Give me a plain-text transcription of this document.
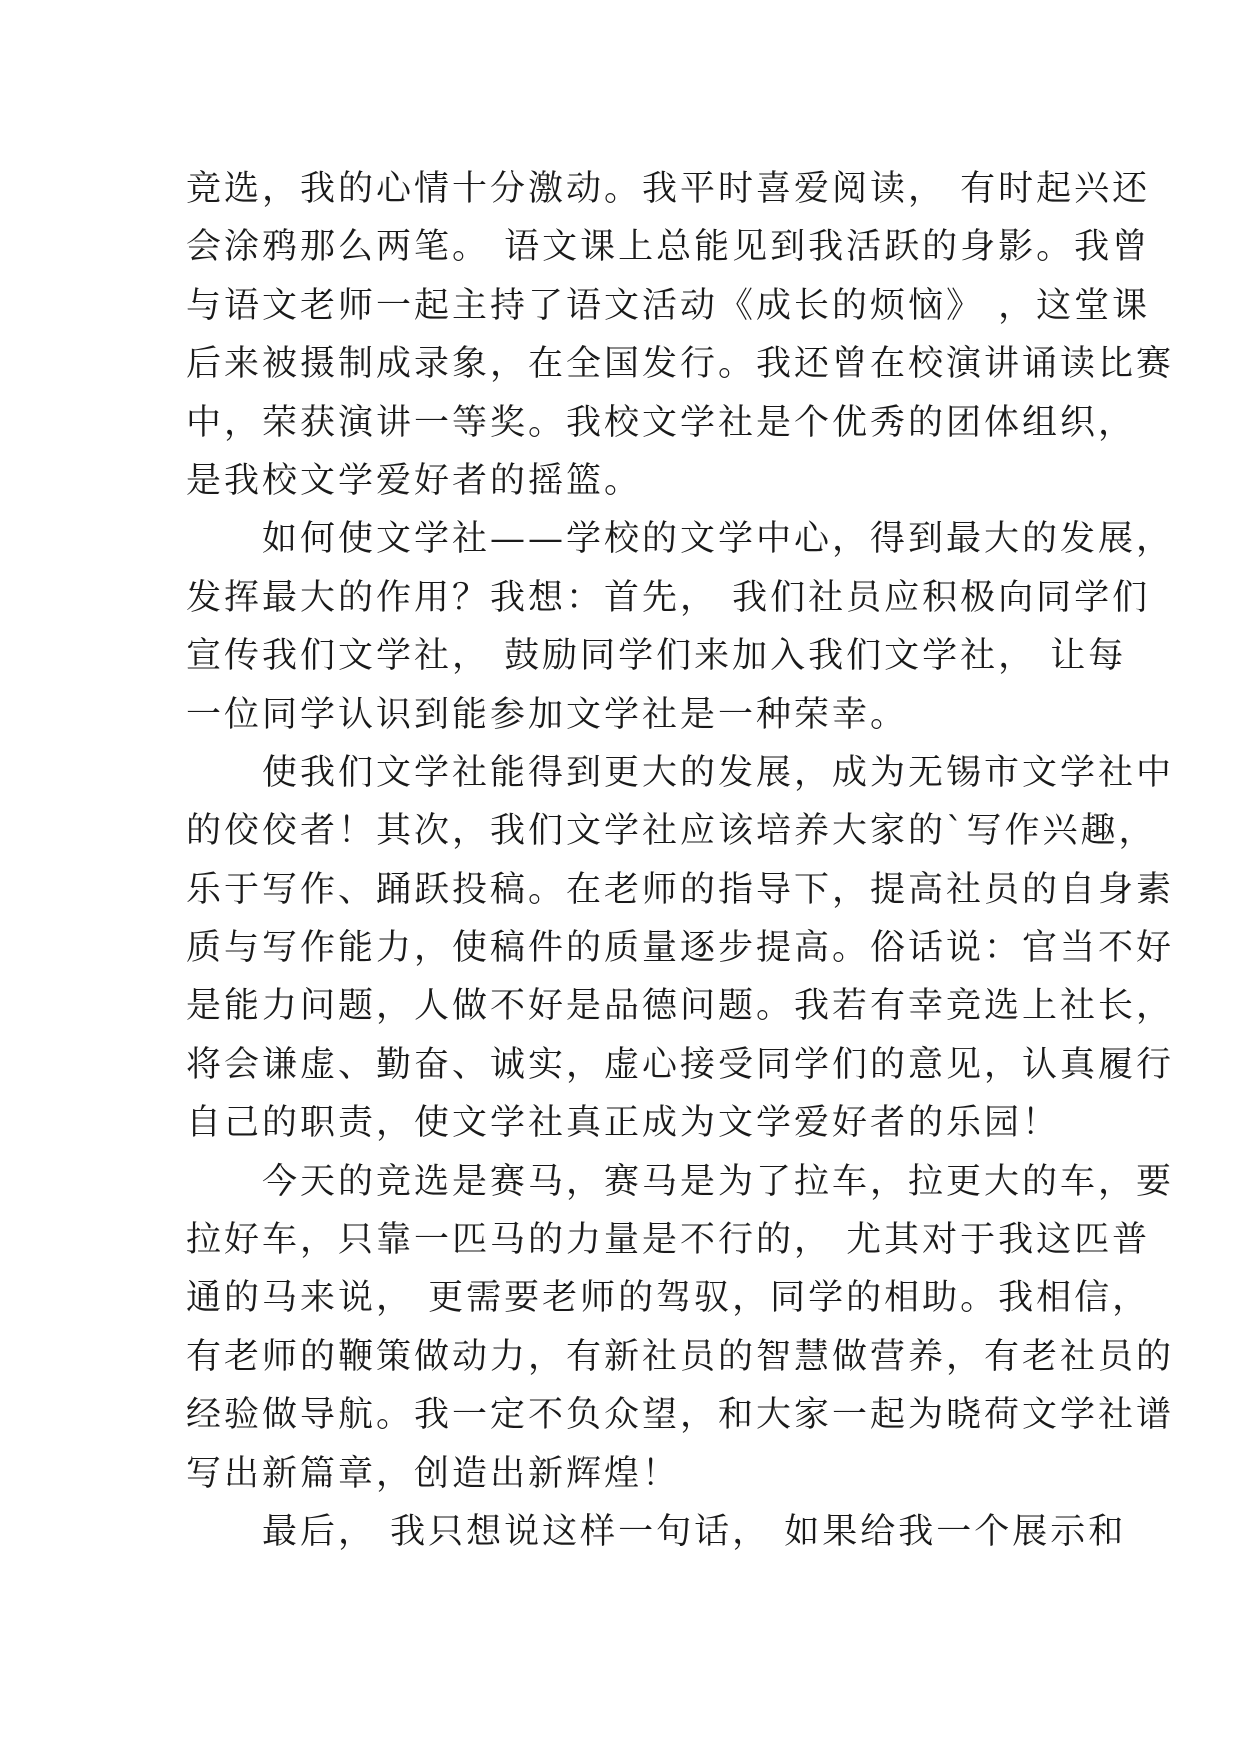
竞选，我的心情十分激动。我平时喜爱阅读， 有时起兴还
会涂鸦那么两笔。 语文课上总能见到我活跃的身影。我曾
与语文老师一起主持了语文活动《成长的烦恼》 ，这堂课
后来被摄制成录象，在全国发行。我还曾在校演讲诵读比赛
中，荣获演讲一等奖。我校文学社是个优秀的团体组织，
是我校文学爱好者的摇篮。
　　如何使文学社——学校的文学中心，得到最大的发展，
发挥最大的作用？我想：首先， 我们社员应积极向同学们
宣传我们文学社， 鼓励同学们来加入我们文学社， 让每
一位同学认识到能参加文学社是一种荣幸。
　　使我们文学社能得到更大的发展，成为无锡市文学社中
的佼佼者！其次，我们文学社应该培养大家的`写作兴趣，
乐于写作、踊跃投稿。在老师的指导下，提高社员的自身素
质与写作能力，使稿件的质量逐步提高。俗话说：官当不好
是能力问题，人做不好是品德问题。我若有幸竞选上社长，
将会谦虚、勤奋、诚实，虚心接受同学们的意见，认真履行
自己的职责，使文学社真正成为文学爱好者的乐园！
　　今天的竞选是赛马，赛马是为了拉车，拉更大的车，要
拉好车，只靠一匹马的力量是不行的， 尤其对于我这匹普
通的马来说， 更需要老师的驾驭，同学的相助。我相信，
有老师的鞭策做动力，有新社员的智慧做营养，有老社员的
经验做导航。我一定不负众望，和大家一起为晓荷文学社谱
写出新篇章，创造出新辉煌！
　　最后， 我只想说这样一句话， 如果给我一个展示和
